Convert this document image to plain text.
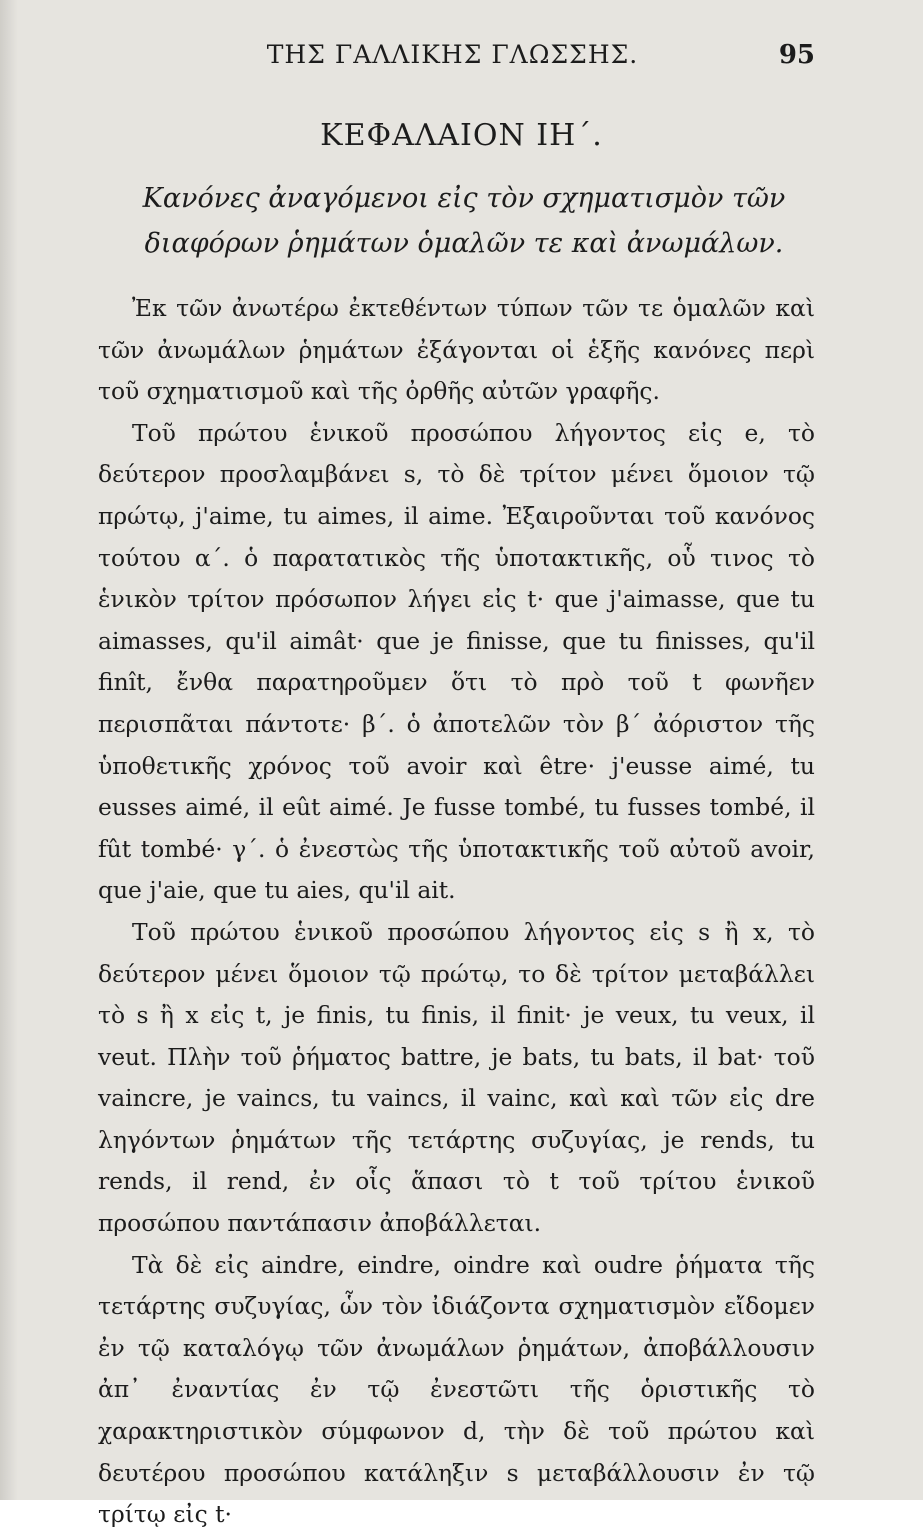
ΤΗΣ ΓΑΛΛΙΚΗΣ ΓΛΩΣΣΗΣ.	95
ΚΕΦΑΛΑΙΟΝ ΙΗ΄.
Κανόνες ἀναγόμενοι εἰς τὸν σχηματισμὸν τῶν διαφόρων ῥημάτων ὁμαλῶν τε καὶ ἀνωμάλων.

Ἐκ τῶν ἀνωτέρω ἐκτεθέντων τύπων τῶν τε ὁμαλῶν καὶ τῶν ἀνωμάλων ῥημάτων ἐξάγονται οἱ ἑξῆς κανόνες περὶ τοῦ σχηματισμοῦ καὶ τῆς ὀρθῆς αὐτῶν γραφῆς.

Τοῦ πρώτου ἑνικοῦ προσώπου λήγοντος εἰς e, τὸ δεύτερον προσλαμβάνει s, τὸ δὲ τρίτον μένει ὅμοιον τῷ πρώτῳ, j'aime, tu aimes, il aime. Ἐξαιροῦνται τοῦ κανόνος τούτου α΄. ὁ παρατατικὸς τῆς ὑποτακτικῆς, οὗ τινος τὸ ἑνικὸν τρίτον πρόσωπον λήγει εἰς t· que j'aimasse, que tu aimasses, qu'il aimât· que je finisse, que tu finisses, qu'il finît, ἔνθα παρατηροῦμεν ὅτι τὸ πρὸ τοῦ t φωνῆεν περισπᾶται πάντοτε· β΄. ὁ ἀποτελῶν τὸν β΄ ἀόριστον τῆς ὑποθετικῆς χρόνος τοῦ avoir καὶ être· j'eusse aimé, tu eusses aimé, il eût aimé. Je fusse tombé, tu fusses tombé, il fût tombé· γ΄. ὁ ἐνεστὼς τῆς ὑποτακτικῆς τοῦ αὐτοῦ avoir, que j'aie, que tu aies, qu'il ait.

Τοῦ πρώτου ἑνικοῦ προσώπου λήγοντος εἰς s ἢ x, τὸ δεύτερον μένει ὅμοιον τῷ πρώτῳ, το δὲ τρίτον μεταβάλλει τὸ s ἢ x εἰς t, je finis, tu finis, il finit· je veux, tu veux, il veut. Πλὴν τοῦ ῥήματος battre, je bats, tu bats, il bat· τοῦ vaincre, je vaincs, tu vaincs, il vainc, καὶ καὶ τῶν εἰς dre ληγόντων ῥημάτων τῆς τετάρτης συζυγίας, je rends, tu rends, il rend, ἐν οἷς ἅπασι τὸ t τοῦ τρίτου ἑνικοῦ προσώπου παντάπασιν ἀποβάλλεται.

Τὰ δὲ εἰς aindre, eindre, oindre καὶ oudre ῥήματα τῆς τετάρτης συζυγίας, ὧν τὸν ἰδιάζοντα σχηματισμὸν εἴδομεν ἐν τῷ καταλόγῳ τῶν ἀνωμάλων ῥημάτων, ἀποβάλλουσιν ἀπ᾽ ἐναντίας ἐν τῷ ἐνεστῶτι τῆς ὁριστικῆς τὸ χαρακτηριστικὸν σύμφωνον d, τὴν δὲ τοῦ πρώτου καὶ δευτέρου προσώπου κατάληξιν s μεταβάλλουσιν ἐν τῷ τρίτῳ εἰς t·
